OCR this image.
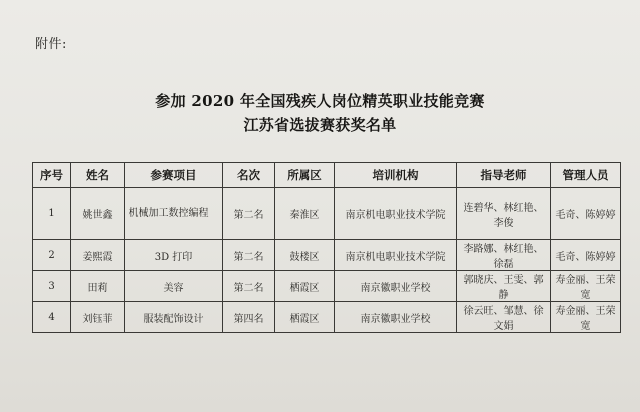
附件:
参加 2020 年全国残疾人岗位精英职业技能竞赛
江苏省选拔赛获奖名单
序号	姓名	参赛项目	名次	所属区	培训机构	指导老师	管理人员
1	姚世鑫	机械加工数控编程	第二名	秦淮区	南京机电职业技术学院	连碧华、林红艳、李俊	毛奇、陈婷婷
2	姜熙霞	3D 打印	第二名	鼓楼区	南京机电职业技术学院	李路娜、林红艳、徐磊	毛奇、陈婷婷
3	田莉	美容	第二名	栖霞区	南京徽职业学校	郭晓庆、王雯、郭静	寿金丽、王荣宽
4	刘钰菲	服装配饰设计	第四名	栖霞区	南京徽职业学校	徐云旺、邹慧、徐文娟	寿金丽、王荣宽
